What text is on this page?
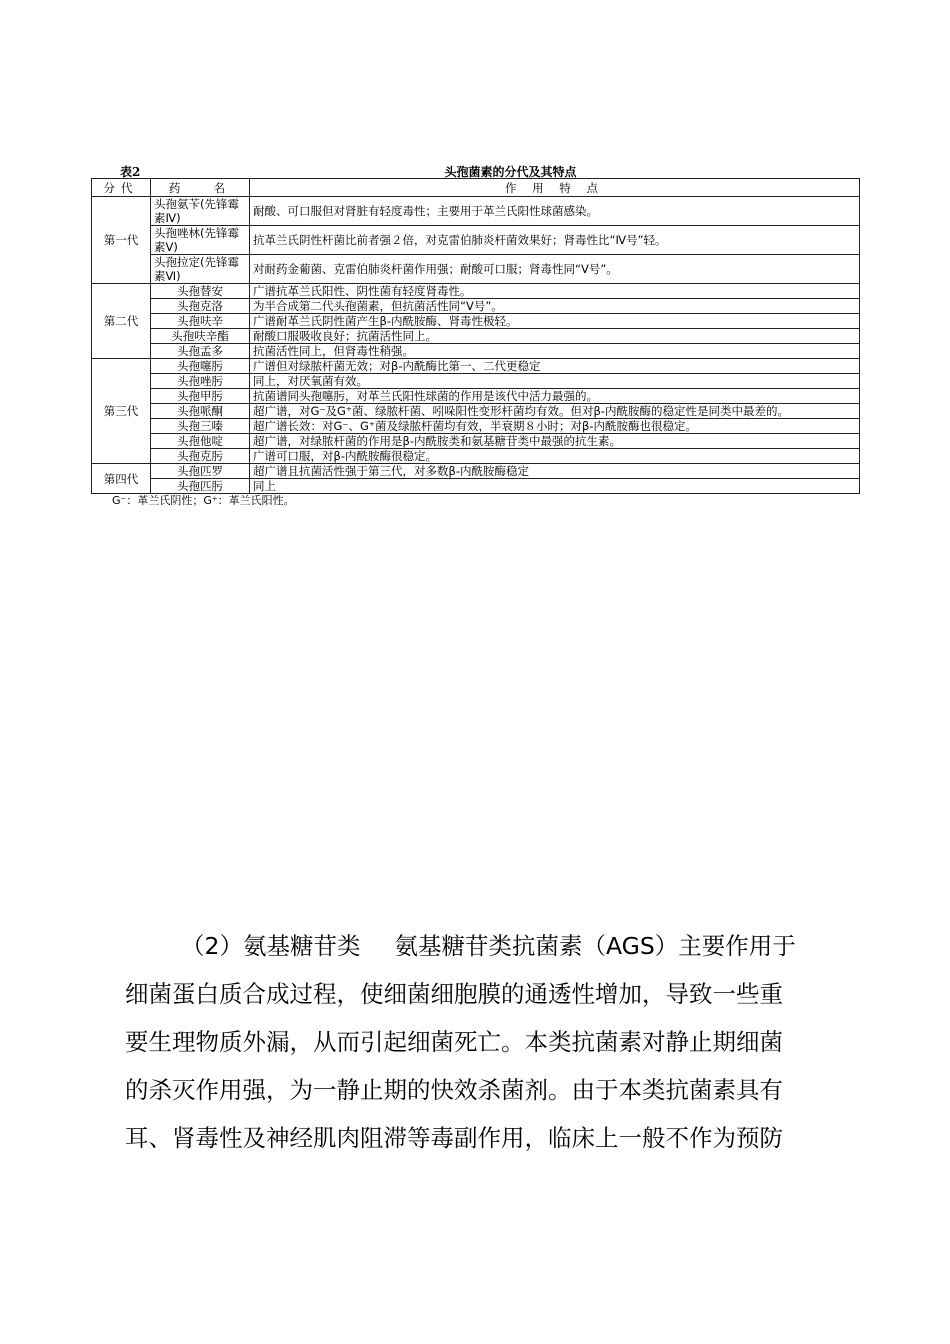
表2	头孢菌素的分代及其特点
分代	药　 名	作 用 特 点
第一代	头孢氨苄(先锋霉素Ⅳ)	耐酸、可口服但对肾脏有轻度毒性；主要用于革兰氏阳性球菌感染。
	头孢唑林(先锋霉素Ⅴ)	抗革兰氏阴性杆菌比前者强２倍，对克雷伯肺炎杆菌效果好；肾毒性比“Ⅳ号”轻。
	头孢拉定(先锋霉素Ⅵ)	对耐药金葡菌、克雷伯肺炎杆菌作用强；耐酸可口服；肾毒性同“Ⅴ号”。
第二代	头孢替安	广谱抗革兰氏阳性、阴性菌有轻度肾毒性。
	头孢克洛	为半合成第二代头孢菌素，但抗菌活性同“Ⅴ号”。
	头孢呋辛	广谱耐革兰氏阴性菌产生β-内酰胺酶、肾毒性极轻。
	头孢呋辛酯	耐酸口服吸收良好；抗菌活性同上。
	头孢孟多	抗菌活性同上，但肾毒性稍强。
第三代	头孢噻肟	广谱但对绿脓杆菌无效；对β-内酰酶比第一、二代更稳定
	头孢唑肟	同上，对厌氧菌有效。
	头孢甲肟	抗菌谱同头孢噻肟，对革兰氏阳性球菌的作用是该代中活力最强的。
	头孢哌酮	超广谱，对G⁻及G⁺菌、绿脓杆菌、吲哚阳性变形杆菌均有效。但对β-内酰胺酶的稳定性是同类中最差的。
	头孢三嗪	超广谱长效：对G⁻、G⁺菌及绿脓杆菌均有效，半衰期８小时；对β-内酰胺酶也很稳定。
	头孢他啶	超广谱，对绿脓杆菌的作用是β-内酰胺类和氨基糖苷类中最强的抗生素。
	头孢克肟	广谱可口服，对β-内酰胺酶很稳定。
第四代	头孢匹罗	超广谱且抗菌活性强于第三代，对多数β-内酰胺酶稳定
	头孢匹肟	同上
G⁻：革兰氏阴性；G⁺：革兰氏阳性。
（2）氨基糖苷类 氨基糖苷类抗菌素（AGS）主要作用于
细菌蛋白质合成过程，使细菌细胞膜的通透性增加，导致一些重
要生理物质外漏，从而引起细菌死亡。本类抗菌素对静止期细菌
的杀灭作用强，为一静止期的快效杀菌剂。由于本类抗菌素具有
耳、肾毒性及神经肌肉阻滞等毒副作用，临床上一般不作为预防
